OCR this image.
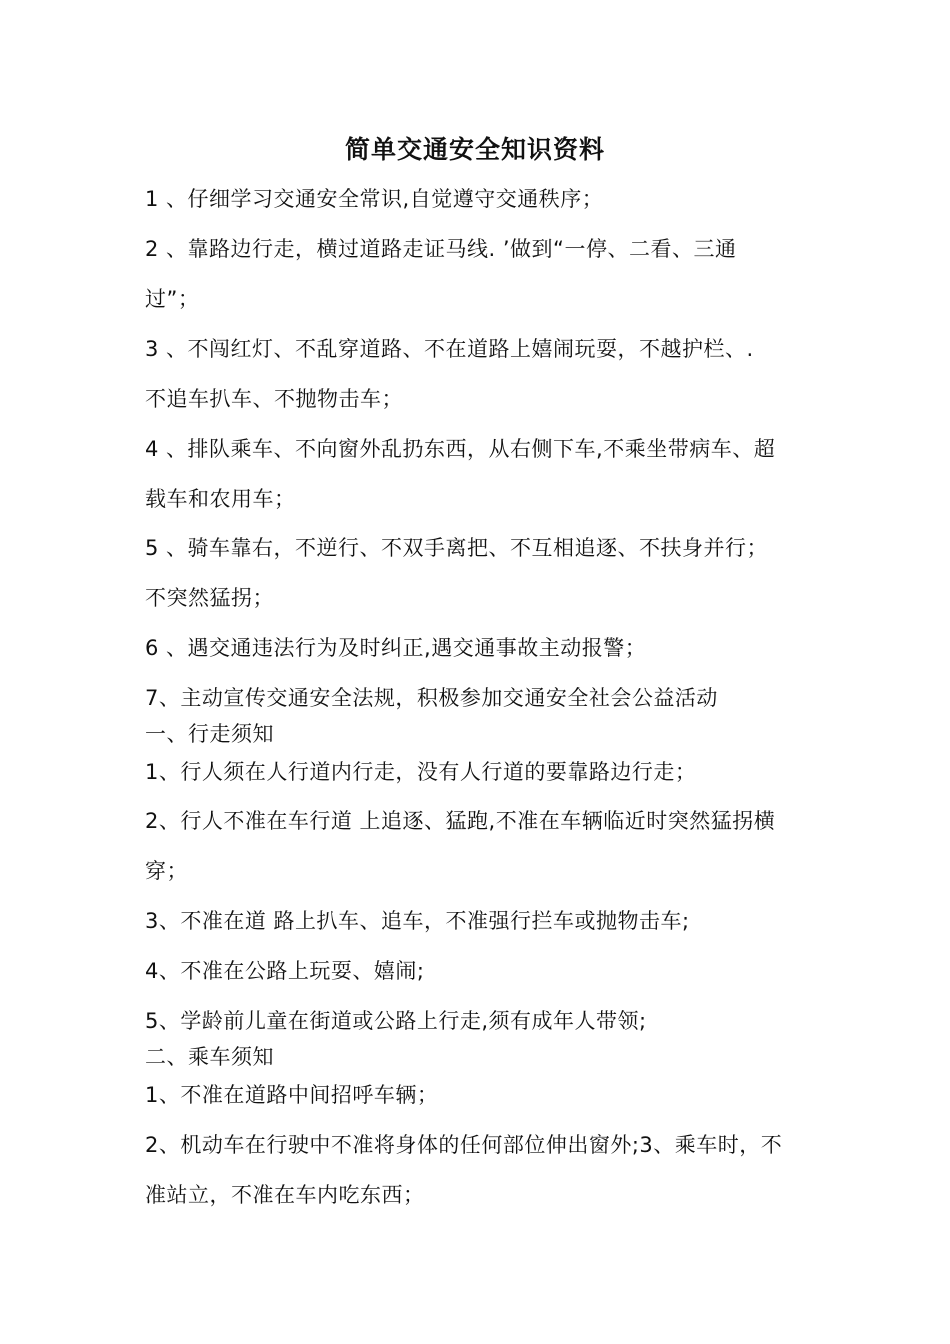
简单交通安全知识资料
1 、仔细学习交通安全常识,自觉遵守交通秩序；
2 、靠路边行走，横过道路走证马线. ’做到“一停、二看、三通
过”；
3 、不闯红灯、不乱穿道路、不在道路上嬉闹玩耍，不越护栏、.
不追车扒车、不抛物击车；
4 、排队乘车、不向窗外乱扔东西，从右侧下车,不乘坐带病车、超
载车和农用车；
5 、骑车靠右，不逆行、不双手离把、不互相追逐、不扶身并行；
不突然猛拐；
6 、遇交通违法行为及时纠正,遇交通事故主动报警；
7、主动宣传交通安全法规，积极参加交通安全社会公益活动
一、行走须知
1、行人须在人行道内行走，没有人行道的要靠路边行走；
2、行人不准在车行道 上追逐、猛跑,不准在车辆临近时突然猛拐横
穿；
3、不准在道 路上扒车、追车，不准强行拦车或抛物击车;
4、不准在公路上玩耍、嬉闹;
5、学龄前儿童在街道或公路上行走,须有成年人带领;
二、乘车须知
1、不准在道路中间招呼车辆；
2、机动车在行驶中不准将身体的任何部位伸出窗外;3、乘车时，不
准站立，不准在车内吃东西；
